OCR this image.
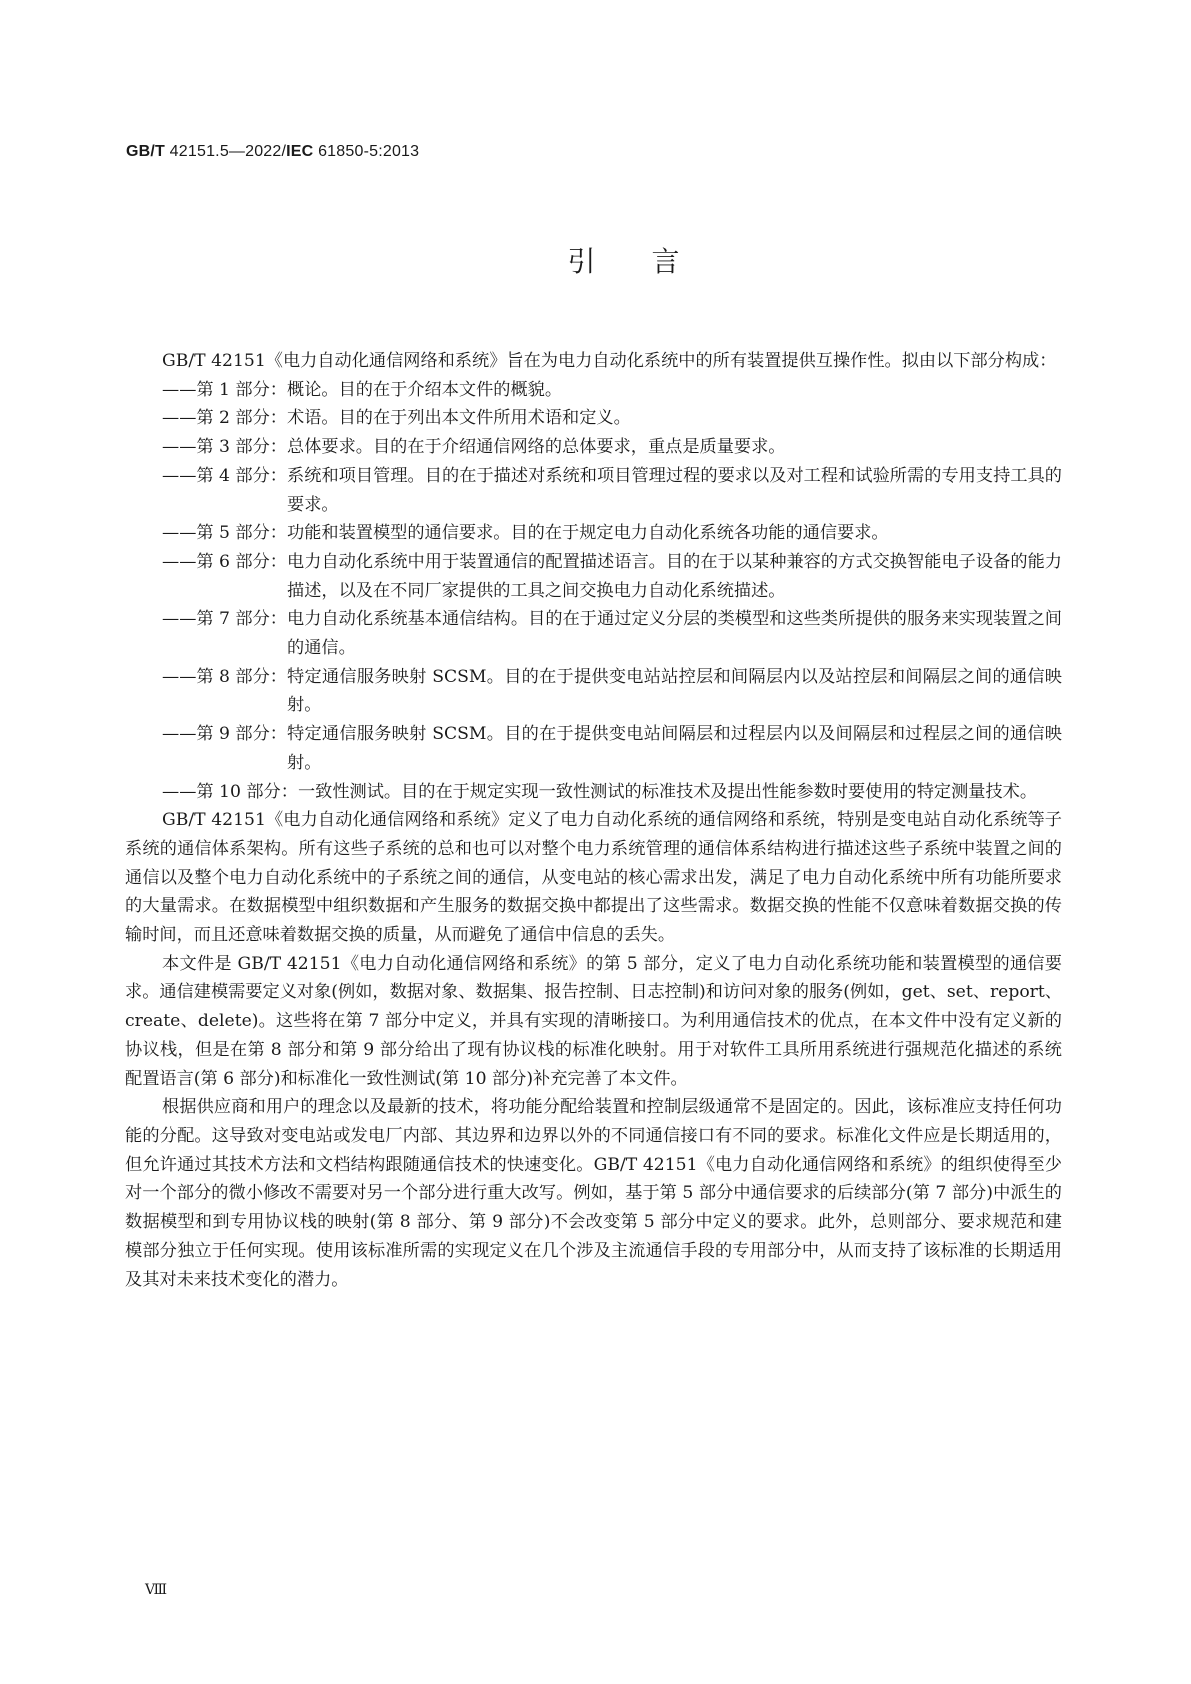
GB/T 42151.5—2022/IEC 61850-5:2013
引言

GB/T 42151《电力自动化通信网络和系统》旨在为电力自动化系统中的所有装置提供互操作性。拟由以下部分构成：

——第 1 部分： 概论。目的在于介绍本文件的概貌。
——第 2 部分： 术语。目的在于列出本文件所用术语和定义。
——第 3 部分： 总体要求。目的在于介绍通信网络的总体要求，重点是质量要求。
——第 4 部分： 系统和项目管理。目的在于描述对系统和项目管理过程的要求以及对工程和试验所需的专用支持工具的要求。
——第 5 部分： 功能和装置模型的通信要求。目的在于规定电力自动化系统各功能的通信要求。
——第 6 部分： 电力自动化系统中用于装置通信的配置描述语言。目的在于以某种兼容的方式交换智能电子设备的能力描述，以及在不同厂家提供的工具之间交换电力自动化系统描述。
——第 7 部分： 电力自动化系统基本通信结构。目的在于通过定义分层的类模型和这些类所提供的服务来实现装置之间的通信。
——第 8 部分： 特定通信服务映射 SCSM。目的在于提供变电站站控层和间隔层内以及站控层和间隔层之间的通信映射。
——第 9 部分： 特定通信服务映射 SCSM。目的在于提供变电站间隔层和过程层内以及间隔层和过程层之间的通信映射。
——第 10 部分： 一致性测试。目的在于规定实现一致性测试的标准技术及提出性能参数时要使用的特定测量技术。

GB/T 42151《电力自动化通信网络和系统》定义了电力自动化系统的通信网络和系统，特别是变电站自动化系统等子系统的通信体系架构。所有这些子系统的总和也可以对整个电力系统管理的通信体系结构进行描述这些子系统中装置之间的通信以及整个电力自动化系统中的子系统之间的通信，从变电站的核心需求出发，满足了电力自动化系统中所有功能所要求的大量需求。在数据模型中组织数据和产生服务的数据交换中都提出了这些需求。数据交换的性能不仅意味着数据交换的传输时间，而且还意味着数据交换的质量，从而避免了通信中信息的丢失。

本文件是 GB/T 42151《电力自动化通信网络和系统》的第 5 部分，定义了电力自动化系统功能和装置模型的通信要求。通信建模需要定义对象(例如，数据对象、数据集、报告控制、日志控制)和访问对象的服务(例如，get、set、report、create、delete)。这些将在第 7 部分中定义，并具有实现的清晰接口。为利用通信技术的优点，在本文件中没有定义新的协议栈，但是在第 8 部分和第 9 部分给出了现有协议栈的标准化映射。用于对软件工具所用系统进行强规范化描述的系统配置语言(第 6 部分)和标准化一致性测试(第 10 部分)补充完善了本文件。

根据供应商和用户的理念以及最新的技术，将功能分配给装置和控制层级通常不是固定的。因此，该标准应支持任何功能的分配。这导致对变电站或发电厂内部、其边界和边界以外的不同通信接口有不同的要求。标准化文件应是长期适用的，但允许通过其技术方法和文档结构跟随通信技术的快速变化。GB/T 42151《电力自动化通信网络和系统》的组织使得至少对一个部分的微小修改不需要对另一个部分进行重大改写。例如，基于第 5 部分中通信要求的后续部分(第 7 部分)中派生的数据模型和到专用协议栈的映射(第 8 部分、第 9 部分)不会改变第 5 部分中定义的要求。此外，总则部分、要求规范和建模部分独立于任何实现。使用该标准所需的实现定义在几个涉及主流通信手段的专用部分中，从而支持了该标准的长期适用及其对未来技术变化的潜力。

Ⅷ
